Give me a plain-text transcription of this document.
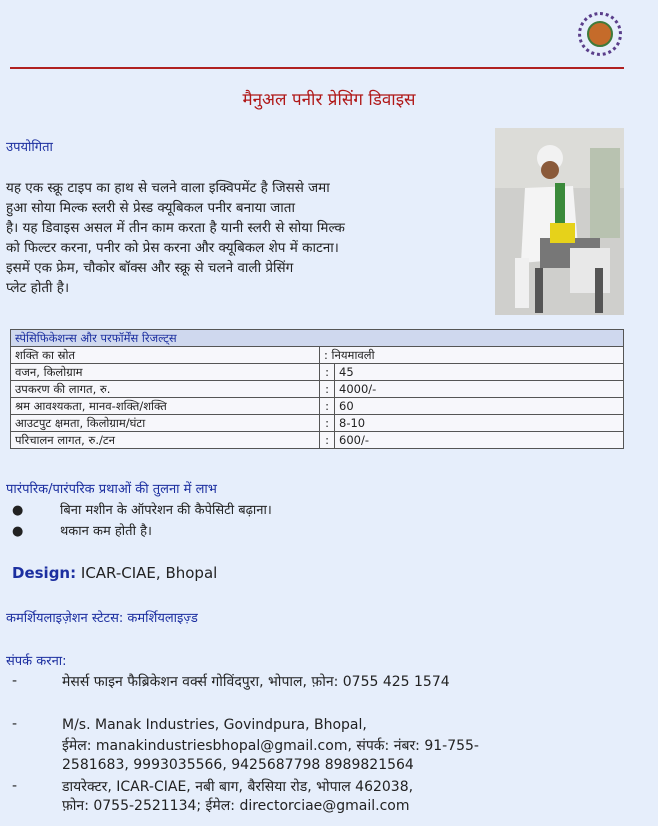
मैनुअल पनीर प्रेसिंग डिवाइस
उपयोगिता
यह एक स्क्रू टाइप का हाथ से चलने वाला इक्विपमेंट है जिससे जमा
हुआ सोया मिल्क स्लरी से प्रेस्ड क्यूबिकल पनीर बनाया जाता
है। यह डिवाइस असल में तीन काम करता है यानी स्लरी से सोया मिल्क
को फिल्टर करना, पनीर को प्रेस करना और क्यूबिकल शेप में काटना।
इसमें एक फ्रेम, चौकोर बॉक्स और स्क्रू से चलने वाली प्रेसिंग
प्लेट होती है।
स्पेसिफिकेशन्स और परफॉर्मेंस रिजल्ट्स		
शक्ति का स्रोत	: नियमावली	
वजन, किलोग्राम	:	45
उपकरण की लागत, रु.	:	4000/-
श्रम आवश्यकता, मानव-शक्ति/शक्ति	:	60
आउटपुट क्षमता, किलोग्राम/घंटा	:	8-10
परिचालन लागत, रु./टन	:	600/-
पारंपरिक/पारंपरिक प्रथाओं की तुलना में लाभ
●	बिना मशीन के ऑपरेशन की कैपेसिटी बढ़ाना।
●	थकान कम होती है।
Design: ICAR-CIAE, Bhopal
कमर्शियलाइज़ेशन स्टेटस: कमर्शियलाइज़्ड
संपर्क करना:
-	मेसर्स फाइन फैब्रिकेशन वर्क्स गोविंदपुरा, भोपाल, फ़ोन: 0755 425 1574
-	M/s. Manak Industries, Govindpura, Bhopal,
ईमेल: manakindustriesbhopal@gmail.com, संपर्क: नंबर: 91-755-
2581683, 9993035566, 9425687798 8989821564
-	डायरेक्टर, ICAR-CIAE, नबी बाग, बैरसिया रोड, भोपाल 462038,
फ़ोन: 0755-2521134; ईमेल: directorciae@gmail.com
